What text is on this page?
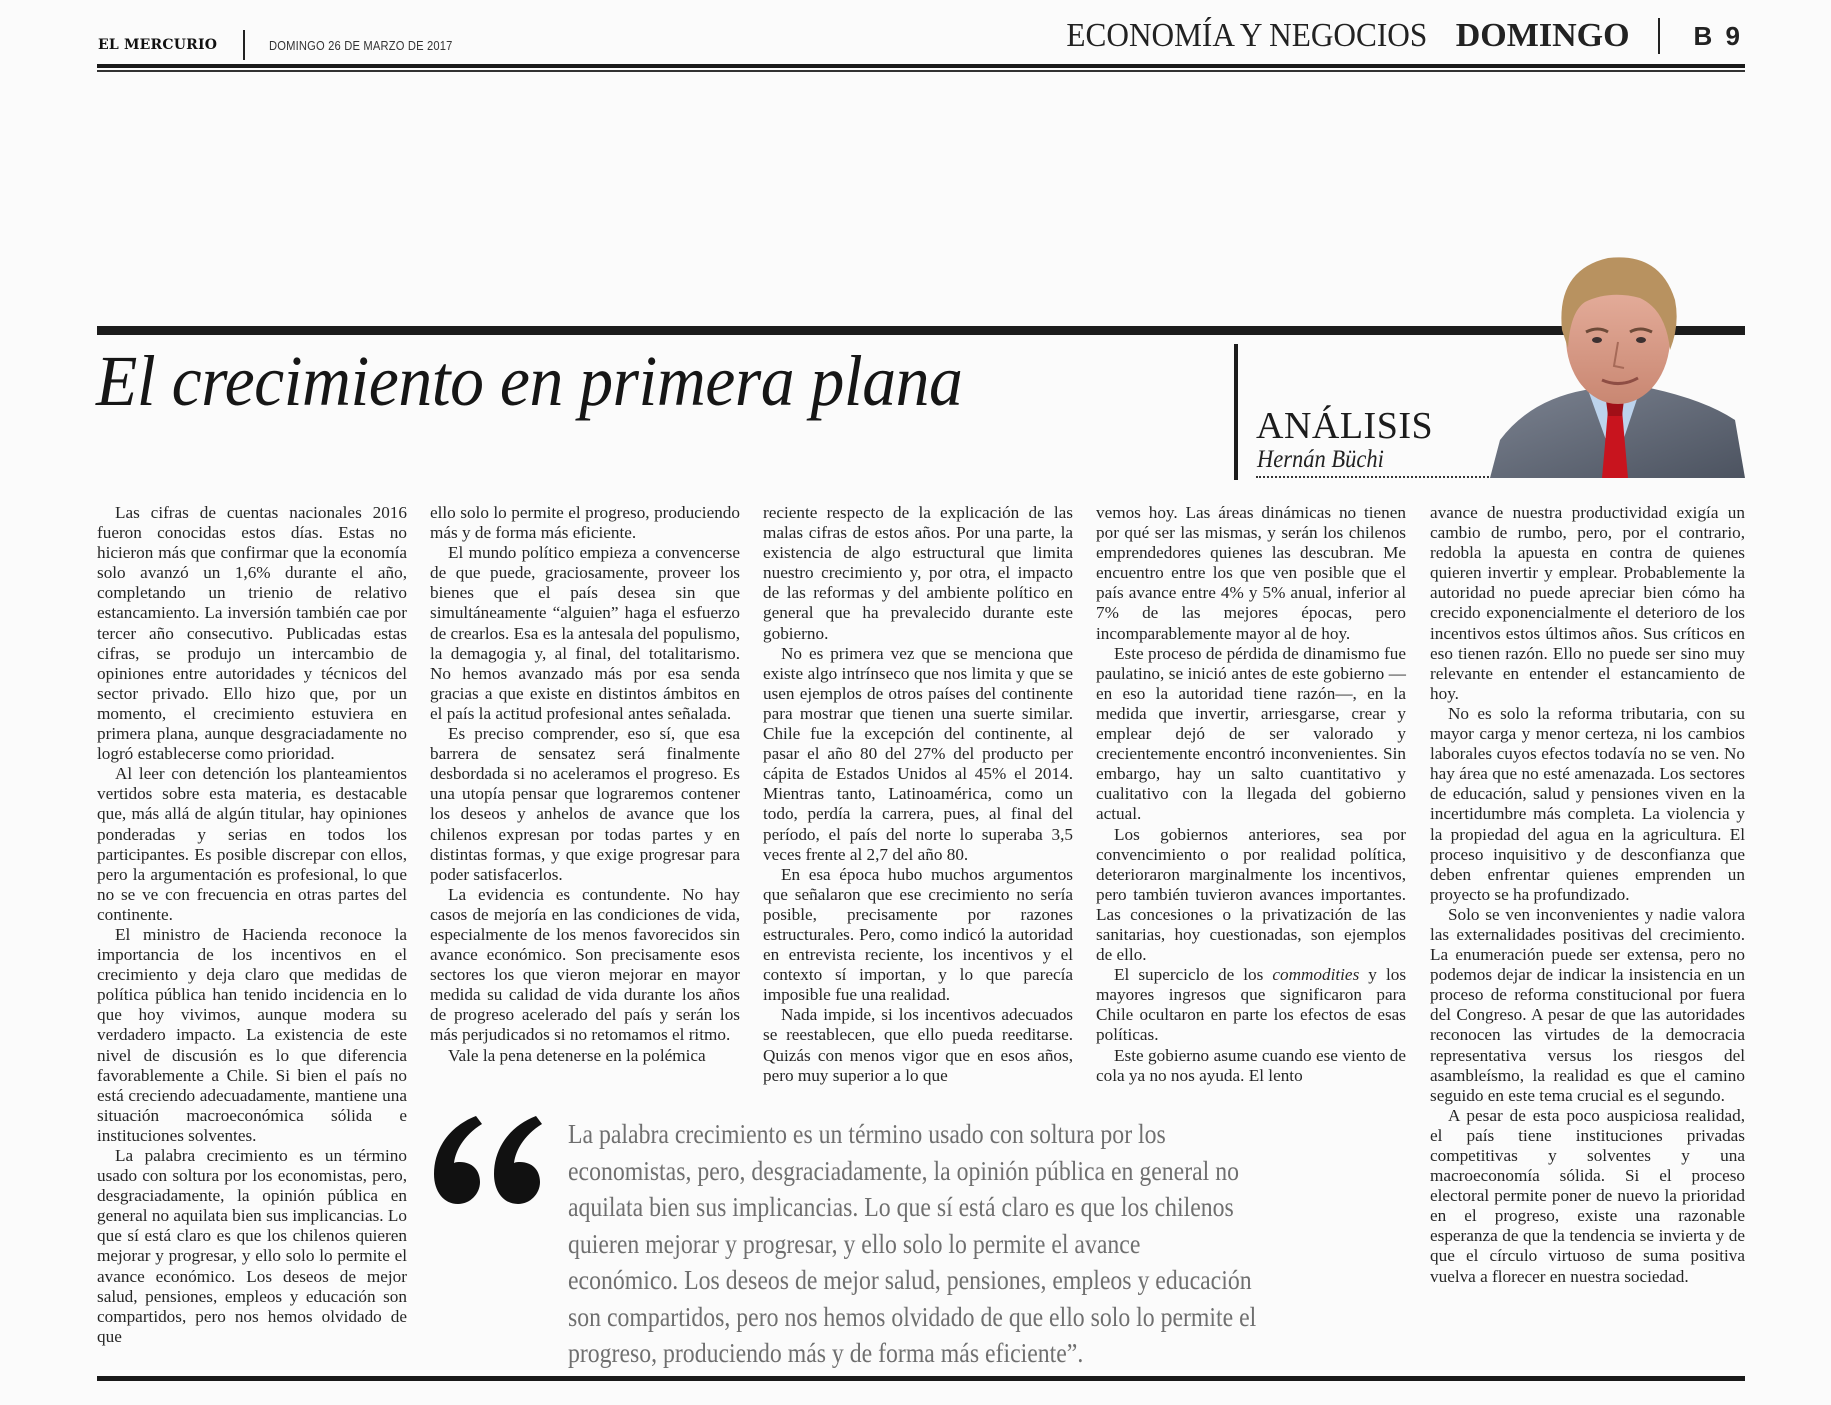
EL MERCURIO	DOMINGO 26 DE MARZO DE 2017	ECONOMÍA Y NEGOCIOS DOMINGO B 9
El crecimiento en primera plana
ANÁLISIS
Hernán Büchi

Las cifras de cuentas nacionales 2016 fueron conocidas estos días. Estas no hicieron más que confirmar que la economía solo avanzó un 1,6% durante el año, completando un trienio de relativo estancamiento. La inversión también cae por tercer año consecutivo. Publicadas estas cifras, se produjo un intercambio de opiniones entre autoridades y técnicos del sector privado. Ello hizo que, por un momento, el crecimiento estuviera en primera plana, aunque desgraciadamente no logró establecerse como prioridad.

Al leer con detención los planteamientos vertidos sobre esta materia, es destacable que, más allá de algún titular, hay opiniones ponderadas y serias en todos los participantes. Es posible discrepar con ellos, pero la argumentación es profesional, lo que no se ve con frecuencia en otras partes del continente.

El ministro de Hacienda reconoce la importancia de los incentivos en el crecimiento y deja claro que medidas de política pública han tenido incidencia en lo que hoy vivimos, aunque modera su verdadero impacto. La existencia de este nivel de discusión es lo que diferencia favorablemente a Chile. Si bien el país no está creciendo adecuadamente, mantiene una situación macroeconómica sólida e instituciones solventes.

La palabra crecimiento es un término usado con soltura por los economistas, pero, desgraciadamente, la opinión pública en general no aquilata bien sus implicancias. Lo que sí está claro es que los chilenos quieren mejorar y progresar, y ello solo lo permite el avance económico. Los deseos de mejor salud, pensiones, empleos y educación son compartidos, pero nos hemos olvidado de que

ello solo lo permite el progreso, produciendo más y de forma más eficiente.

El mundo político empieza a convencerse de que puede, graciosamente, proveer los bienes que el país desea sin que simultáneamente “alguien” haga el esfuerzo de crearlos. Esa es la antesala del populismo, la demagogia y, al final, del totalitarismo. No hemos avanzado más por esa senda gracias a que existe en distintos ámbitos en el país la actitud profesional antes señalada.

Es preciso comprender, eso sí, que esa barrera de sensatez será finalmente desbordada si no aceleramos el progreso. Es una utopía pensar que lograremos contener los deseos y anhelos de avance que los chilenos expresan por todas partes y en distintas formas, y que exige progresar para poder satisfacerlos.

La evidencia es contundente. No hay casos de mejoría en las condiciones de vida, especialmente de los menos favorecidos sin avance económico. Son precisamente esos sectores los que vieron mejorar en mayor medida su calidad de vida durante los años de progreso acelerado del país y serán los más perjudicados si no retomamos el ritmo.

Vale la pena detenerse en la polémica

reciente respecto de la explicación de las malas cifras de estos años. Por una parte, la existencia de algo estructural que limita nuestro crecimiento y, por otra, el impacto de las reformas y del ambiente político en general que ha prevalecido durante este gobierno.

No es primera vez que se menciona que existe algo intrínseco que nos limita y que se usen ejemplos de otros países del continente para mostrar que tienen una suerte similar. Chile fue la excepción del continente, al pasar el año 80 del 27% del producto per cápita de Estados Unidos al 45% el 2014. Mientras tanto, Latinoamérica, como un todo, perdía la carrera, pues, al final del período, el país del norte lo superaba 3,5 veces frente al 2,7 del año 80.

En esa época hubo muchos argumentos que señalaron que ese crecimiento no sería posible, precisamente por razones estructurales. Pero, como indicó la autoridad en entrevista reciente, los incentivos y el contexto sí importan, y lo que parecía imposible fue una realidad.

Nada impide, si los incentivos adecuados se reestablecen, que ello pueda reeditarse. Quizás con menos vigor que en esos años, pero muy superior a lo que

vemos hoy. Las áreas dinámicas no tienen por qué ser las mismas, y serán los chilenos emprendedores quienes las descubran. Me encuentro entre los que ven posible que el país avance entre 4% y 5% anual, inferior al 7% de las mejores épocas, pero incomparablemente mayor al de hoy.

Este proceso de pérdida de dinamismo fue paulatino, se inició antes de este gobierno —en eso la autoridad tiene razón—, en la medida que invertir, arriesgarse, crear y emplear dejó de ser valorado y crecientemente encontró inconvenientes. Sin embargo, hay un salto cuantitativo y cualitativo con la llegada del gobierno actual.

Los gobiernos anteriores, sea por convencimiento o por realidad política, deterioraron marginalmente los incentivos, pero también tuvieron avances importantes. Las concesiones o la privatización de las sanitarias, hoy cuestionadas, son ejemplos de ello.

El superciclo de los commodities y los mayores ingresos que significaron para Chile ocultaron en parte los efectos de esas políticas.

Este gobierno asume cuando ese viento de cola ya no nos ayuda. El lento

avance de nuestra productividad exigía un cambio de rumbo, pero, por el contrario, redobla la apuesta en contra de quienes quieren invertir y emplear. Probablemente la autoridad no puede apreciar bien cómo ha crecido exponencialmente el deterioro de los incentivos estos últimos años. Sus críticos en eso tienen razón. Ello no puede ser sino muy relevante en entender el estancamiento de hoy.

No es solo la reforma tributaria, con su mayor carga y menor certeza, ni los cambios laborales cuyos efectos todavía no se ven. No hay área que no esté amenazada. Los sectores de educación, salud y pensiones viven en la incertidumbre más completa. La violencia y la propiedad del agua en la agricultura. El proceso inquisitivo y de desconfianza que deben enfrentar quienes emprenden un proyecto se ha profundizado.

Solo se ven inconvenientes y nadie valora las externalidades positivas del crecimiento. La enumeración puede ser extensa, pero no podemos dejar de indicar la insistencia en un proceso de reforma constitucional por fuera del Congreso. A pesar de que las autoridades reconocen las virtudes de la democracia representativa versus los riesgos del asambleísmo, la realidad es que el camino seguido en este tema crucial es el segundo.

A pesar de esta poco auspiciosa realidad, el país tiene instituciones privadas competitivas y solventes y una macroeconomía sólida. Si el proceso electoral permite poner de nuevo la prioridad en el progreso, existe una razonable esperanza de que la tendencia se invierta y de que el círculo virtuoso de suma positiva vuelva a florecer en nuestra sociedad.

La palabra crecimiento es un término usado con soltura por los
economistas, pero, desgraciadamente, la opinión pública en general no
aquilata bien sus implicancias. Lo que sí está claro es que los chilenos
quieren mejorar y progresar, y ello solo lo permite el avance
económico. Los deseos de mejor salud, pensiones, empleos y educación
son compartidos, pero nos hemos olvidado de que ello solo lo permite el
progreso, produciendo más y de forma más eficiente”.
